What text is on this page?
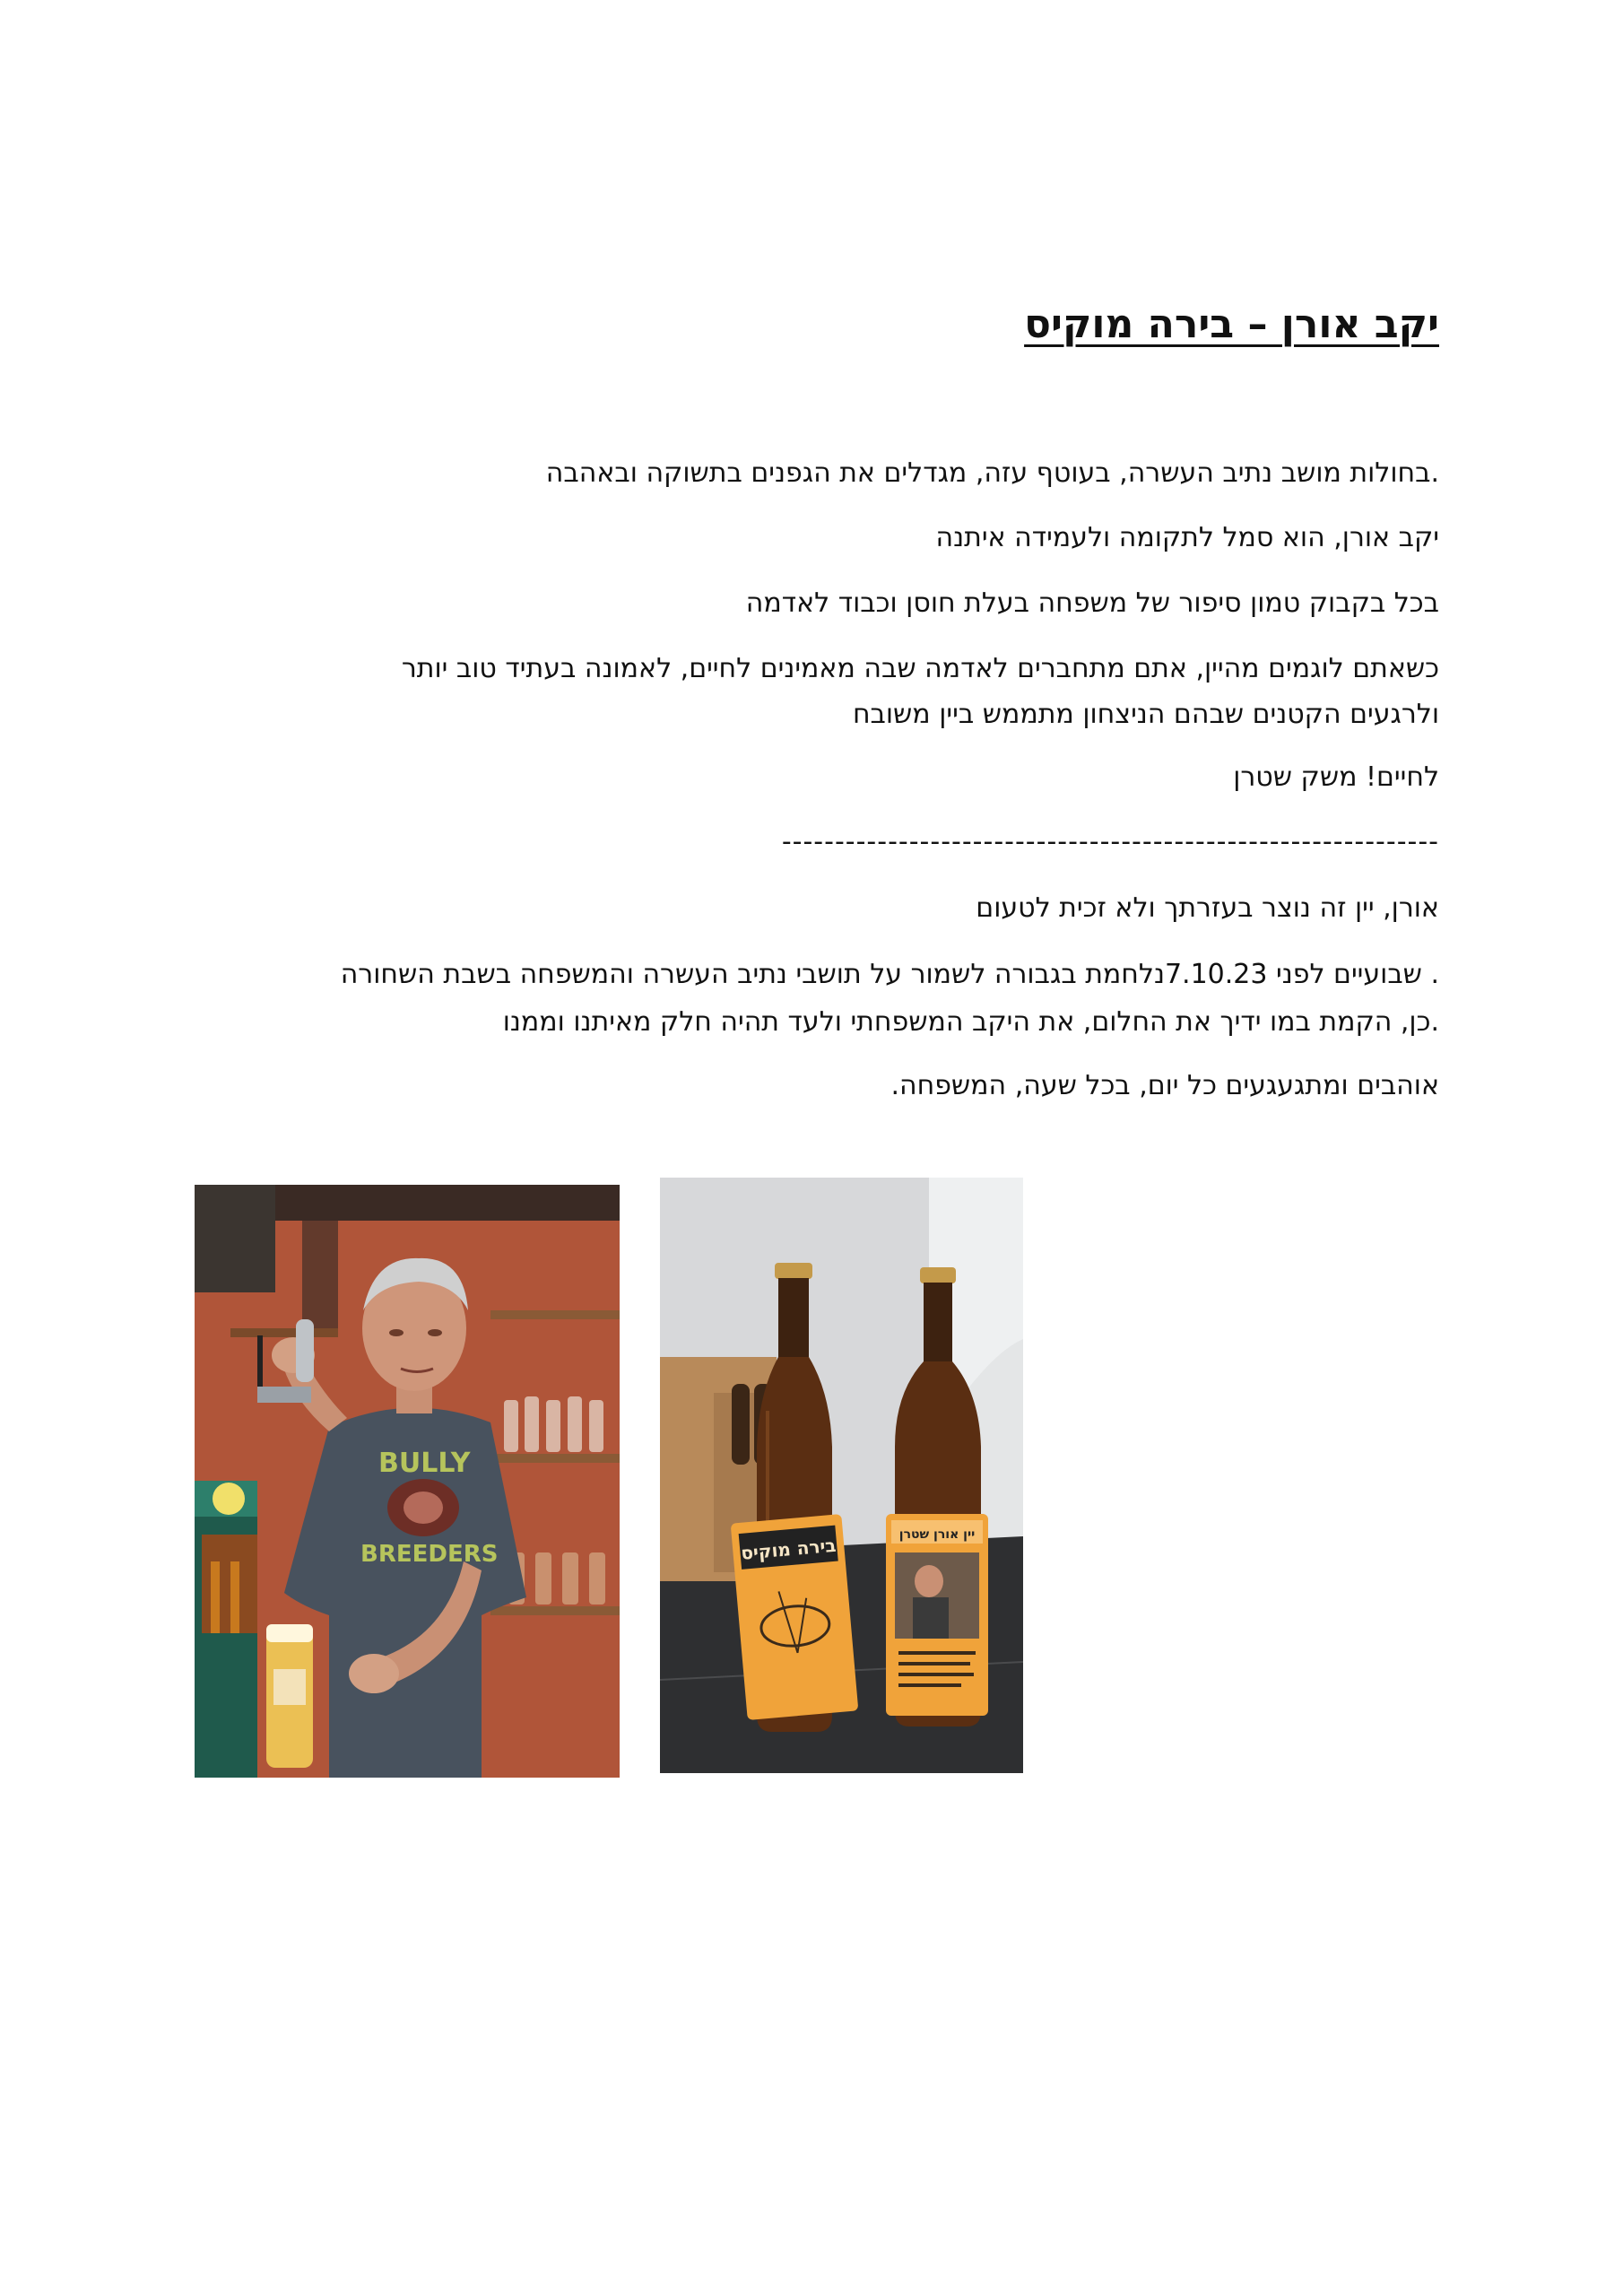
יקב אורן – בירה מוקיס

.בחולות מושב נתיב העשרה, בעוטף עזה, מגדלים את הגפנים בתשוקה ובאהבה

יקב אורן, הוא סמל לתקומה ולעמידה איתנה

בכל בקבוק טמון סיפור של משפחה בעלת חוסן וכבוד לאדמה

כשאתם לוגמים מהיין, אתם מתחברים לאדמה שבה מאמינים לחיים, לאמונה בעתיד טוב יותר

ולרגעים הקטנים שבהם הניצחון מתממש ביין משובח

לחיים! משק שטרן

--------------------------------------------------------------

אורן, יין זה נוצר בעזרתך ולא זכית לטעום

. שבועיים לפני 7.10.23נלחמת בגבורה לשמור על תושבי נתיב העשרה והמשפחה בשבת השחורה

.כן, הקמת במו ידיך את החלום, את היקב המשפחתי ולעד תהיה חלק מאיתנו וממנו

אוהבים ומתגעגעים כל יום, בכל שעה, המשפחה.

BULLY
BREEDERS	בירה מוקיס	יין אורן שטרן
